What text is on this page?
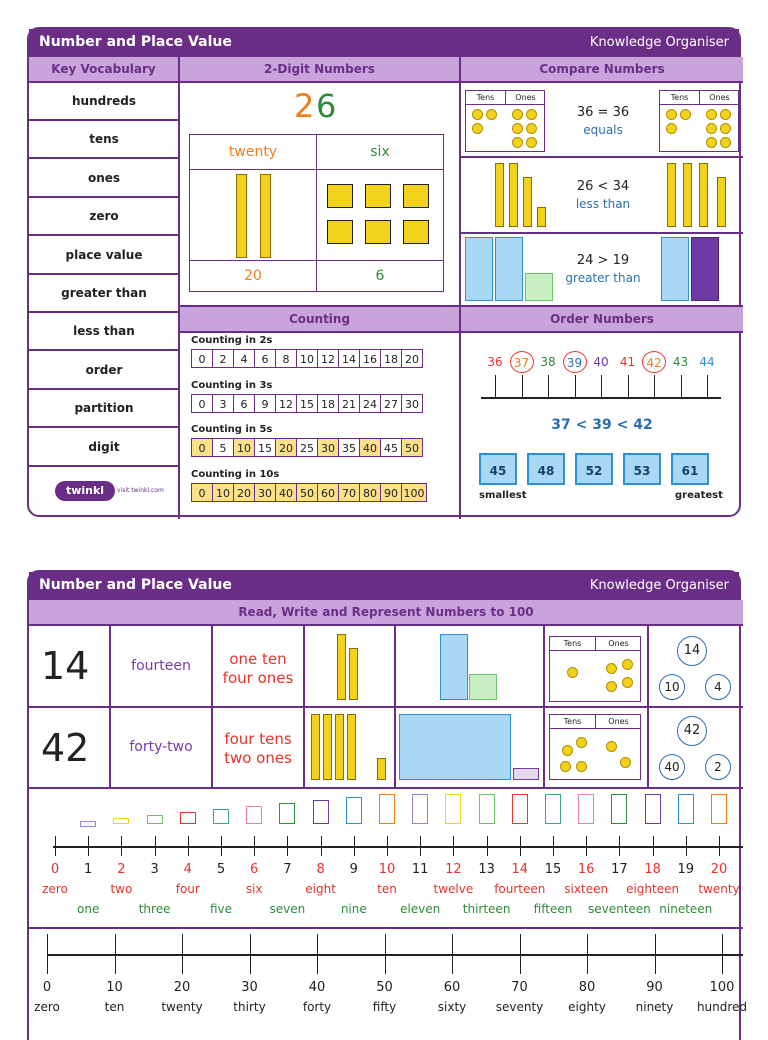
Number and Place Value	Knowledge Organiser
Key Vocabulary
hundreds
tens
ones
zero
place value
greater than
less than
order
partition
digit
twinkl	visit twinkl.com
2-Digit Numbers
2 6
twenty	six
20	6
Compare Numbers
Tens	Ones	Tens	Ones
36 = 36
equals
26 < 34
less than
24 > 19
greater than
Counting
Counting in 2s
0	2	4	6	8 10 12 14 16 18 20
Counting in 3s
0	3	6	9 12 15 18 21 24 27 30
Counting in 5s
0	5 10 15 20 25 30 35 40 45 50
Counting in 10s
0 10 20 30 40 50 60 70 80 90 100
Order Numbers
36 37 38 39 40 41 42 43 44
37 < 39 < 42
45	48	52	53	61
smallest	greatest
Number and Place Value	Knowledge Organiser
Read, Write and Represent Numbers to 100
14	fourteen	one ten
four ones
Tens	Ones	14
10	4
42	forty-two	four tens
two ones
Tens	Ones
42
40	2
0	1	2	3	4	5	6	7	8	9	10 11 12 13 14 15 16 17 18 19 20
zero	two	four	six	eight	ten	twelve	fourteen	sixteen	eighteen	twenty
one	three	five	seven	nine	eleven	thirteen	fifteen	seventeen nineteen
0
zero
10
ten
20
twenty
30
thirty
40
forty
50
fifty
60
sixty
70
seventy
80
eighty
90
ninety
100
hundred
